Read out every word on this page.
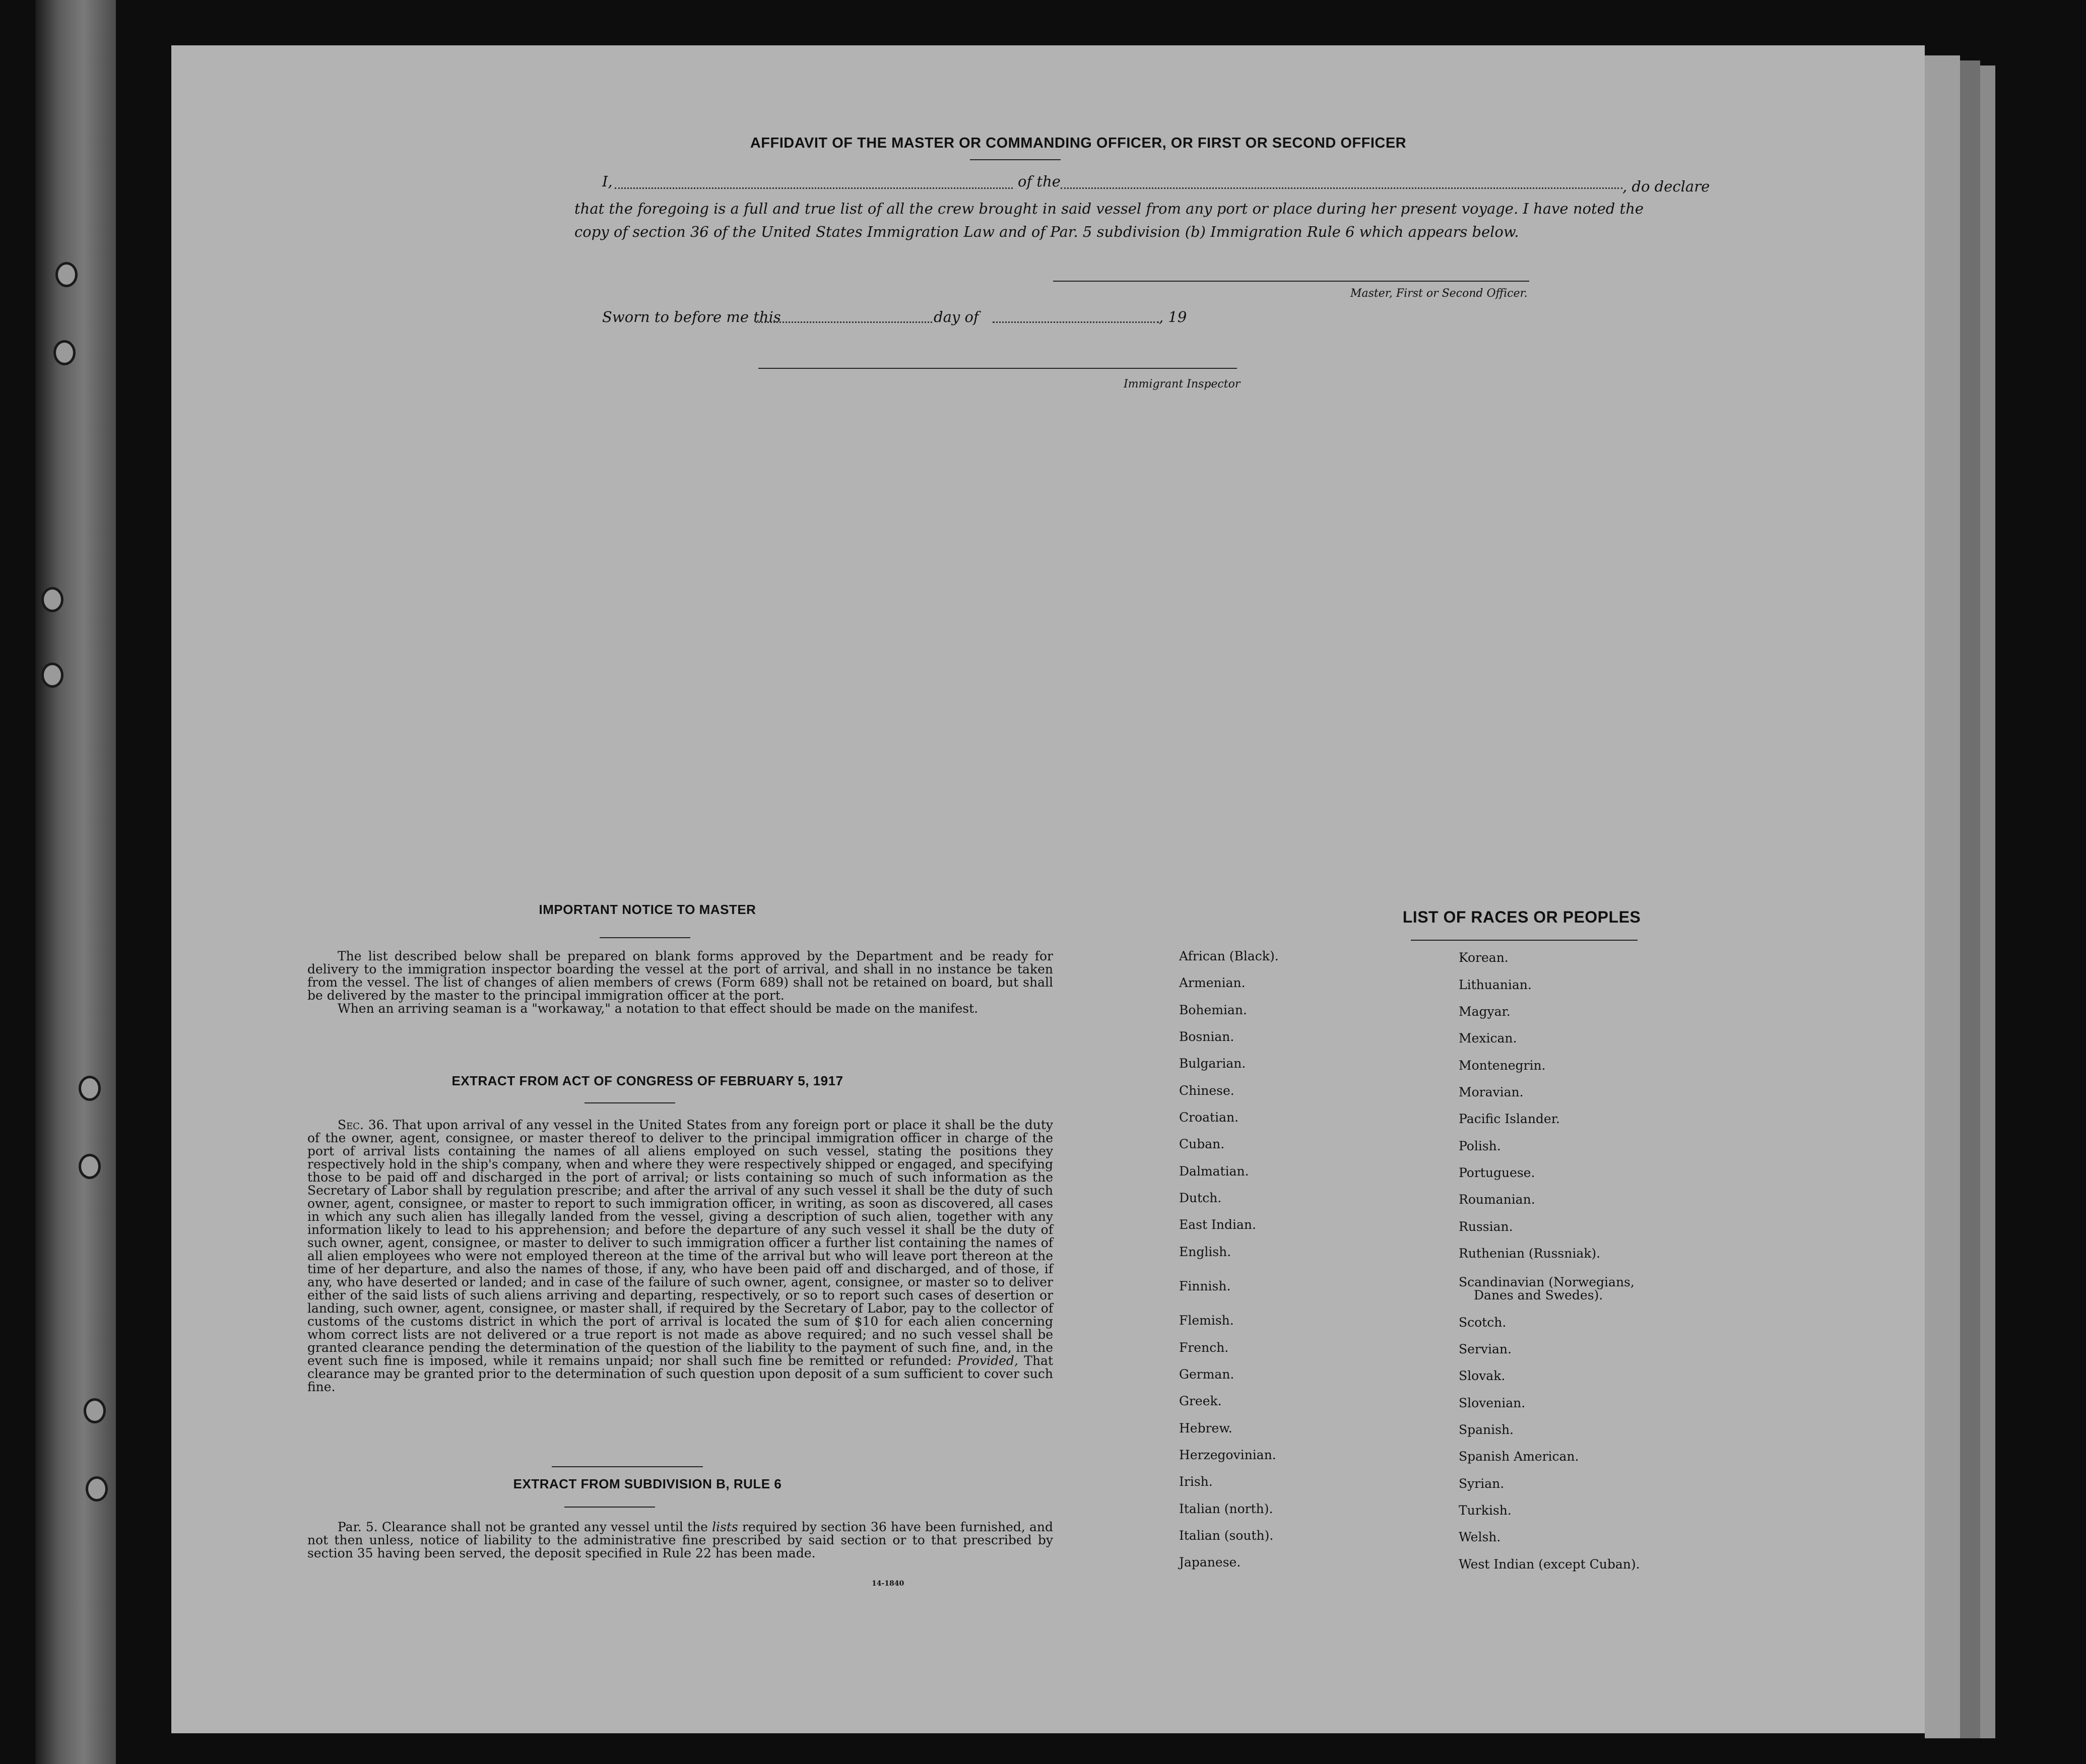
AFFIDAVIT OF THE MASTER OR COMMANDING OFFICER, OR FIRST OR SECOND OFFICER
I,	of the	, do declare
that the foregoing is a full and true list of all the crew brought in said vessel from any port or place during her present voyage. I have noted the
copy of section 36 of the United States Immigration Law and of Par. 5 subdivision (b) Immigration Rule 6 which appears below.
Master, First or Second Officer.
Sworn to before me this	day of	, 19
Immigrant Inspector
IMPORTANT NOTICE TO MASTER

The list described below shall be prepared on blank forms approved by the Department and be ready for delivery to the immigration inspector boarding the vessel at the port of arrival, and shall in no instance be taken from the vessel. The list of changes of alien members of crews (Form 689) shall not be retained on board, but shall be delivered by the master to the principal immigration officer at the port.

When an arriving seaman is a "workaway," a notation to that effect should be made on the manifest.

EXTRACT FROM ACT OF CONGRESS OF FEBRUARY 5, 1917

Sec. 36. That upon arrival of any vessel in the United States from any foreign port or place it shall be the duty of the owner, agent, consignee, or master thereof to deliver to the principal immigration officer in charge of the port of arrival lists containing the names of all aliens employed on such vessel, stating the positions they respectively hold in the ship's company, when and where they were respectively shipped or engaged, and specifying those to be paid off and discharged in the port of arrival; or lists containing so much of such information as the Secretary of Labor shall by regulation prescribe; and after the arrival of any such vessel it shall be the duty of such owner, agent, consignee, or master to report to such immigration officer, in writing, as soon as discovered, all cases in which any such alien has illegally landed from the vessel, giving a description of such alien, together with any information likely to lead to his apprehension; and before the departure of any such vessel it shall be the duty of such owner, agent, consignee, or master to deliver to such immigration officer a further list containing the names of all alien employees who were not employed thereon at the time of the arrival but who will leave port thereon at the time of her departure, and also the names of those, if any, who have been paid off and discharged, and of those, if any, who have deserted or landed; and in case of the failure of such owner, agent, consignee, or master so to deliver either of the said lists of such aliens arriving and departing, respectively, or so to report such cases of desertion or landing, such owner, agent, consignee, or master shall, if required by the Secretary of Labor, pay to the collector of customs of the customs district in which the port of arrival is located the sum of $10 for each alien concerning whom correct lists are not delivered or a true report is not made as above required; and no such vessel shall be granted clearance pending the determination of the question of the liability to the payment of such fine, and, in the event such fine is imposed, while it remains unpaid; nor shall such fine be remitted or refunded: Provided, That clearance may be granted prior to the determination of such question upon deposit of a sum sufficient to cover such fine.

EXTRACT FROM SUBDIVISION B, RULE 6

Par. 5. Clearance shall not be granted any vessel until the lists required by section 36 have been furnished, and not then unless, notice of liability to the administrative fine prescribed by said section or to that prescribed by section 35 having been served, the deposit specified in Rule 22 has been made.

14-1840
LIST OF RACES OR PEOPLES
African (Black).
Armenian.
Bohemian.
Bosnian.
Bulgarian.
Chinese.
Croatian.
Cuban.
Dalmatian.
Dutch.
East Indian.
English.
Finnish.
Flemish.
French.
German.
Greek.
Hebrew.
Herzegovinian.
Irish.
Italian (north).
Italian (south).
Japanese.
Korean.
Lithuanian.
Magyar.
Mexican.
Montenegrin.
Moravian.
Pacific Islander.
Polish.
Portuguese.
Roumanian.
Russian.
Ruthenian (Russniak).
Scandinavian (Norwegians,
Danes and Swedes).
Scotch.
Servian.
Slovak.
Slovenian.
Spanish.
Spanish American.
Syrian.
Turkish.
Welsh.
West Indian (except Cuban).
